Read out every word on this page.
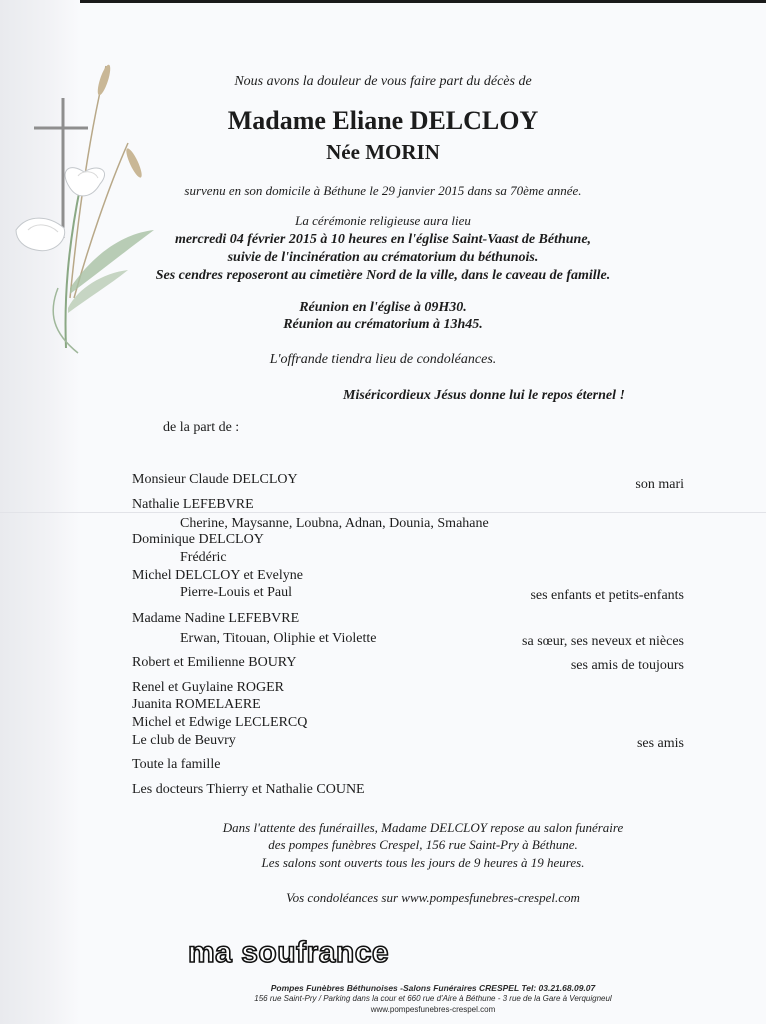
Nous avons la douleur de vous faire part du décès de
Madame Eliane DELCLOY
Née MORIN
survenu en son domicile à Béthune le 29 janvier 2015 dans sa 70ème année.
La cérémonie religieuse aura lieu
mercredi 04 février 2015 à 10 heures en l'église Saint-Vaast de Béthune,
suivie de l'incinération au crématorium du béthunois.
Ses cendres reposeront au cimetière Nord de la ville, dans le caveau de famille.
Réunion en l'église à 09H30.
Réunion au crématorium à 13h45.
L'offrande tiendra lieu de condoléances.
Miséricordieux Jésus donne lui le repos éternel !
de la part de :
Monsieur Claude DELCLOY	son mari
Nathalie LEFEBVRE
Cherine, Maysanne, Loubna, Adnan, Dounia, Smahane
Dominique DELCLOY
Frédéric
Michel DELCLOY et Evelyne
Pierre-Louis et Paul	ses enfants et petits-enfants
Madame Nadine LEFEBVRE
Erwan, Titouan, Oliphie et Violette	sa sœur, ses neveux et nièces
Robert et Emilienne BOURY	ses amis de toujours
Renel et Guylaine ROGER
Juanita ROMELAERE
Michel et Edwige LECLERCQ
Le club de Beuvry	ses amis
Toute la famille
Les docteurs Thierry et Nathalie COUNE
Dans l'attente des funérailles, Madame DELCLOY repose au salon funéraire
des pompes funèbres Crespel, 156 rue Saint-Pry à Béthune.
Les salons sont ouverts tous les jours de 9 heures à 19 heures.
Vos condoléances sur www.pompesfunebres-crespel.com
ma soufrance
Pompes Funèbres Béthunoises -Salons Funéraires CRESPEL Tel: 03.21.68.09.07
156 rue Saint-Pry / Parking dans la cour et 660 rue d'Aire à Béthune - 3 rue de la Gare à Verquigneul
www.pompesfunebres-crespel.com
